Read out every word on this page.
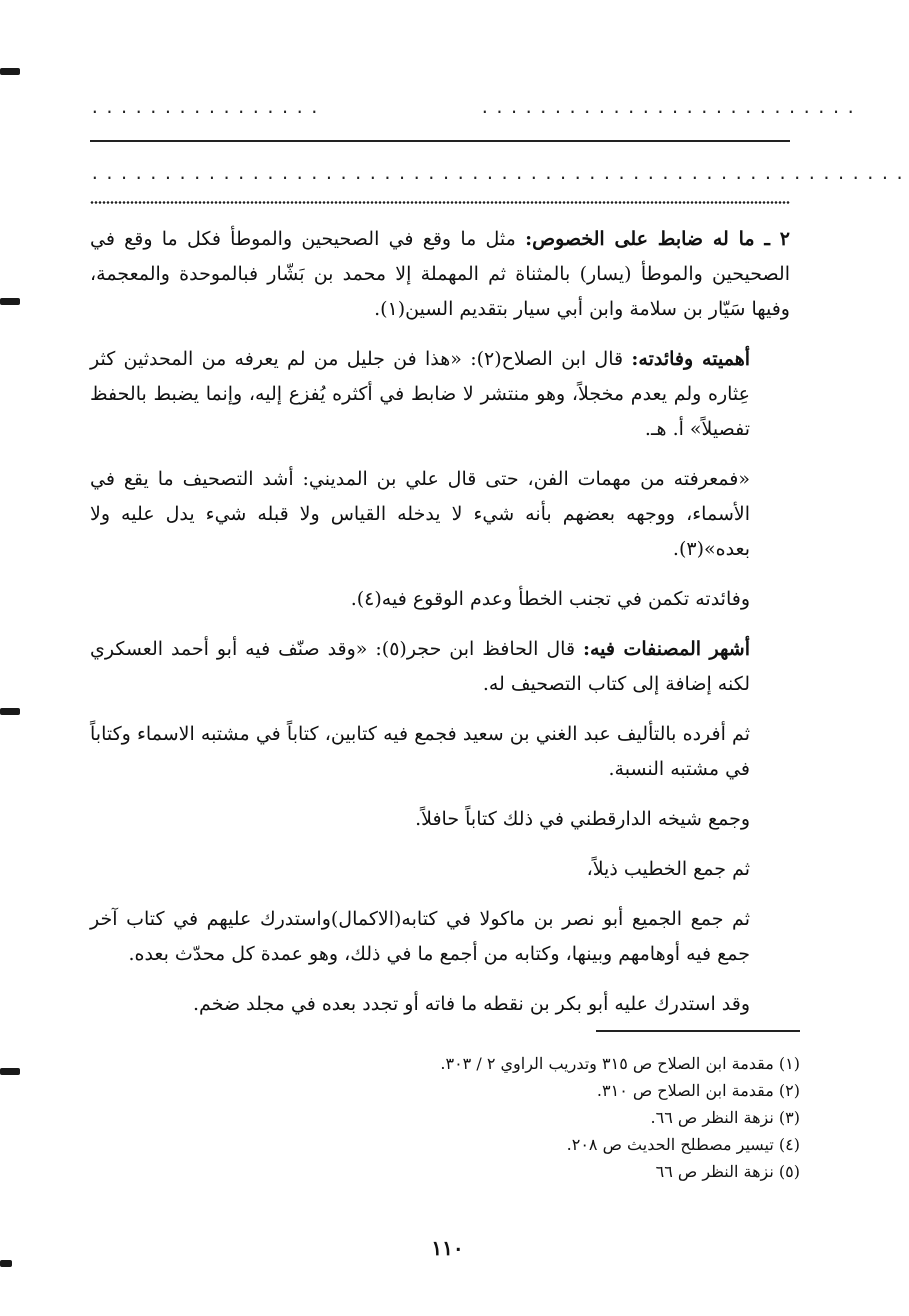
................	..........................
........................................................

٢ ـ ما له ضابط على الخصوص: مثل ما وقع في الصحيحين والموطأ فكل ما وقع في الصحيحين والموطأ (يسار) بالمثناة ثم المهملة إلا محمد بن بَشّار فبالموحدة والمعجمة، وفيها سَيّار بن سلامة وابن أبي سيار بتقديم السين(١).

أهميته وفائدته: قال ابن الصلاح(٢): «هذا فن جليل من لم يعرفه من المحدثين كثر عِثاره ولم يعدم مخجلاً، وهو منتشر لا ضابط في أكثره يُفزع إليه، وإنما يضبط بالحفظ تفصيلاً» أ. هـ.

«فمعرفته من مهمات الفن، حتى قال علي بن المديني: أشد التصحيف ما يقع في الأسماء، ووجهه بعضهم بأنه شيء لا يدخله القياس ولا قبله شيء يدل عليه ولا بعده»(٣).

وفائدته تكمن في تجنب الخطأ وعدم الوقوع فيه(٤).

أشهر المصنفات فيه: قال الحافظ ابن حجر(٥): «وقد صنّف فيه أبو أحمد العسكري لكنه إضافة إلى كتاب التصحيف له.

ثم أفرده بالتأليف عبد الغني بن سعيد فجمع فيه كتابين، كتاباً في مشتبه الاسماء وكتاباً في مشتبه النسبة.

وجمع شيخه الدارقطني في ذلك كتاباً حافلاً.

ثم جمع الخطيب ذيلاً،

ثم جمع الجميع أبو نصر بن ماكولا في كتابه(الاكمال)واستدرك عليهم في كتاب آخر جمع فيه أوهامهم وبينها، وكتابه من أجمع ما في ذلك، وهو عمدة كل محدّث بعده.

وقد استدرك عليه أبو بكر بن نقطه ما فاته أو تجدد بعده في مجلد ضخم.

(١) مقدمة ابن الصلاح ص ٣١٥ وتدريب الراوي ٢ / ٣٠٣.
(٢) مقدمة ابن الصلاح ص ٣١٠.
(٣) نزهة النظر ص ٦٦.
(٤) تيسير مصطلح الحديث ص ٢٠٨.
(٥) نزهة النظر ص ٦٦
١١٠
